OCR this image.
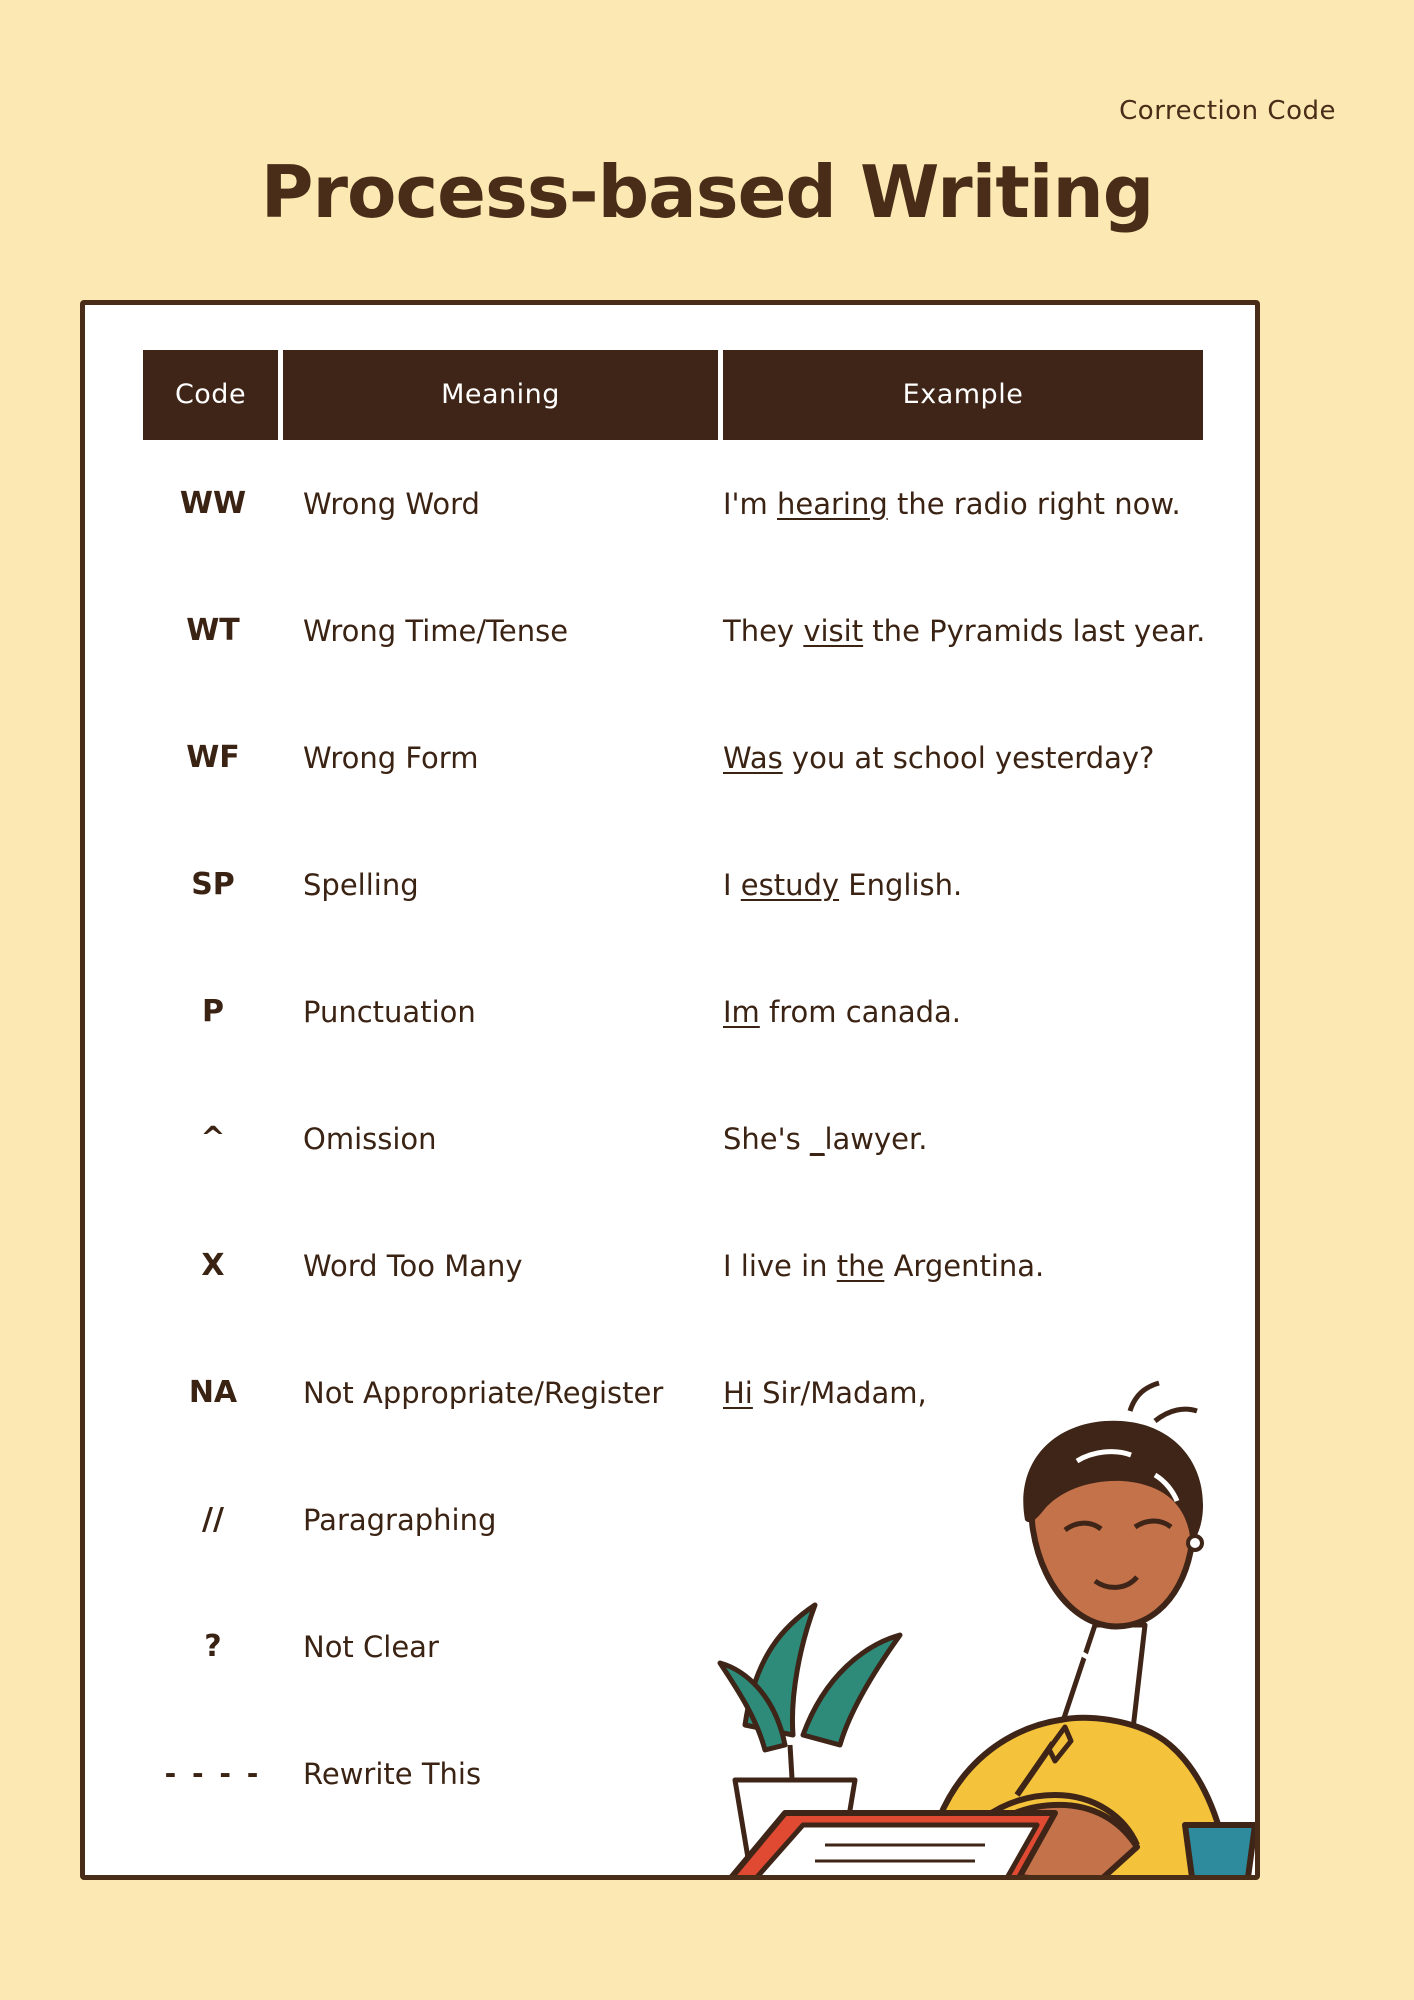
Correction Code
Process-based Writing
Code	Meaning	Example
WW	Wrong Word	I'm hearing the radio right now.
WT	Wrong Time/Tense	They visit the Pyramids last year.
WF	Wrong Form	Was you at school yesterday?
SP	Spelling	I estudy English.
P	Punctuation	Im from canada.
^	Omission	She's _lawyer.
X	Word Too Many	I live in the Argentina.
NA	Not Appropriate/Register	Hi Sir/Madam,
//	Paragraphing
?	Not Clear
- - - -	Rewrite This
